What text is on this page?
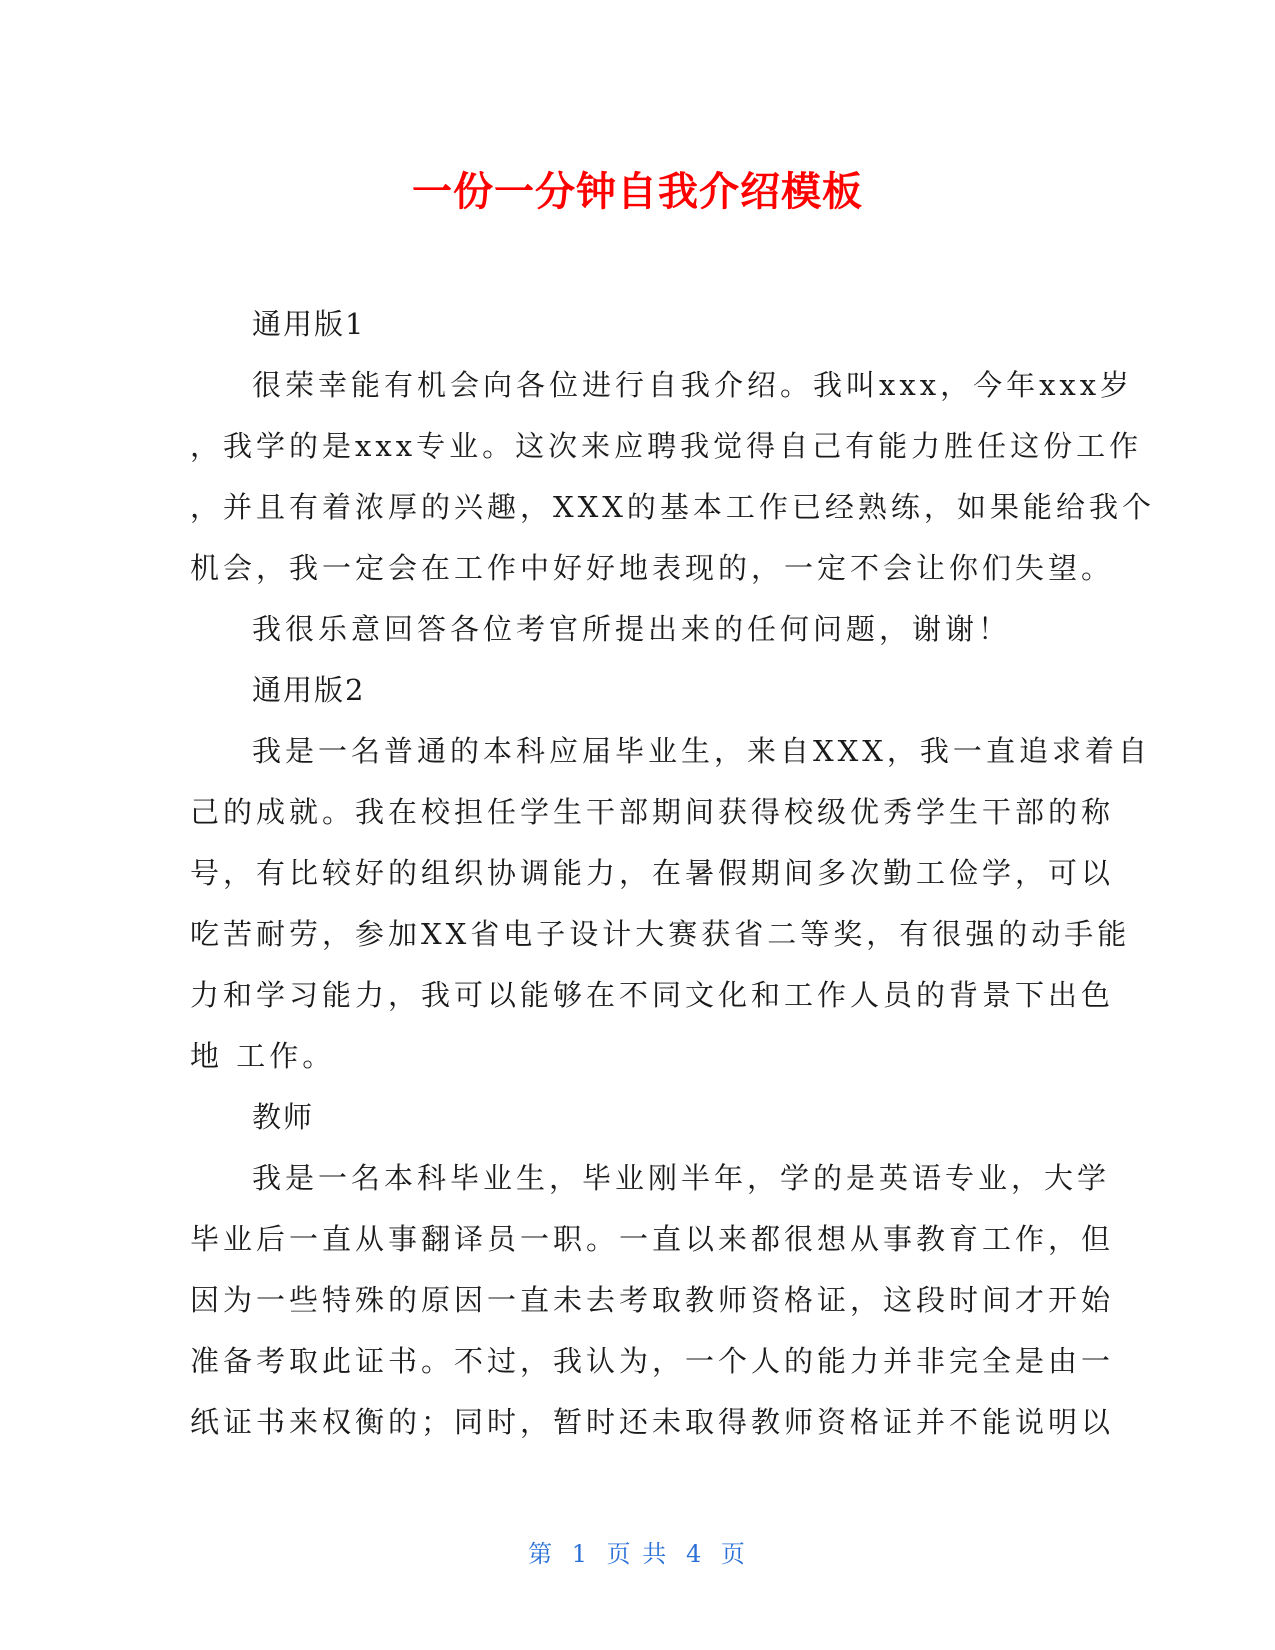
一份一分钟自我介绍模板

通用版1

很荣幸能有机会向各位进行自我介绍。我叫xxx，今年xxx岁

，我学的是xxx专业。这次来应聘我觉得自己有能力胜任这份工作

，并且有着浓厚的兴趣，XXX的基本工作已经熟练，如果能给我个

机会，我一定会在工作中好好地表现的，一定不会让你们失望。

我很乐意回答各位考官所提出来的任何问题，谢谢！

通用版2

我是一名普通的本科应届毕业生，来自XXX，我一直追求着自

己的成就。我在校担任学生干部期间获得校级优秀学生干部的称

号，有比较好的组织协调能力，在暑假期间多次勤工俭学，可以

吃苦耐劳，参加XX省电子设计大赛获省二等奖，有很强的动手能

力和学习能力，我可以能够在不同文化和工作人员的背景下出色

地 工作。

教师

我是一名本科毕业生，毕业刚半年，学的是英语专业，大学

毕业后一直从事翻译员一职。一直以来都很想从事教育工作，但

因为一些特殊的原因一直未去考取教师资格证，这段时间才开始

准备考取此证书。不过，我认为，一个人的能力并非完全是由一

纸证书来权衡的；同时，暂时还未取得教师资格证并不能说明以

第 1 页 共 4 页
